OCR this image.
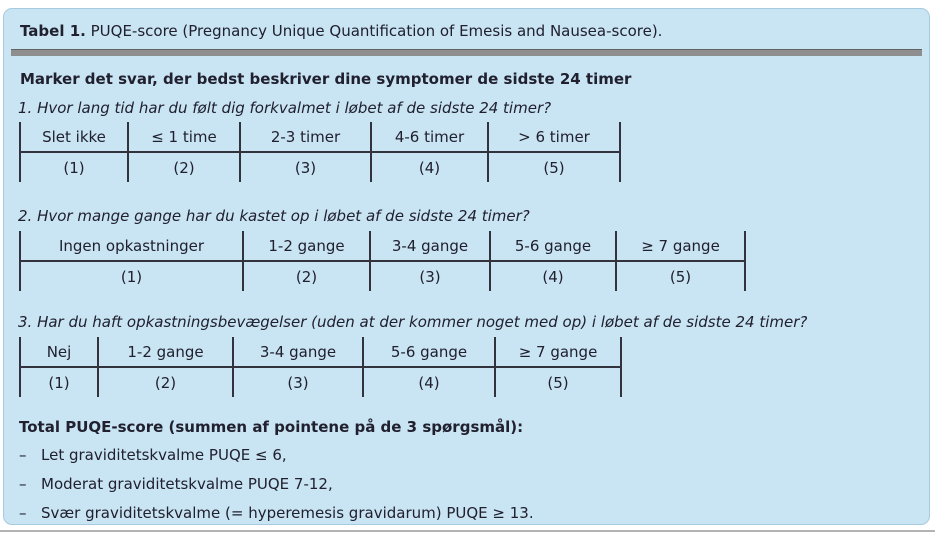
Tabel 1. PUQE-score (Pregnancy Unique Quantification of Emesis and Nausea-score).
Marker det svar, der bedst beskriver dine symptomer de sidste 24 timer
1. Hvor lang tid har du følt dig forkvalmet i løbet af de sidste 24 timer?
Slet ikke	≤ 1 time	2-3 timer	4-6 timer	> 6 timer
(1)	(2)	(3)	(4)	(5)
2. Hvor mange gange har du kastet op i løbet af de sidste 24 timer?
Ingen opkastninger	1-2 gange	3-4 gange	5-6 gange	≥ 7 gange
(1)	(2)	(3)	(4)	(5)
3. Har du haft opkastningsbevægelser (uden at der kommer noget med op) i løbet af de sidste 24 timer?
Nej	1-2 gange	3-4 gange	5-6 gange	≥ 7 gange
(1)	(2)	(3)	(4)	(5)
Total PUQE-score (summen af pointene på de 3 spørgsmål):
– Let graviditetskvalme PUQE ≤ 6,
– Moderat graviditetskvalme PUQE 7-12,
– Svær graviditetskvalme (= hyperemesis gravidarum) PUQE ≥ 13.
